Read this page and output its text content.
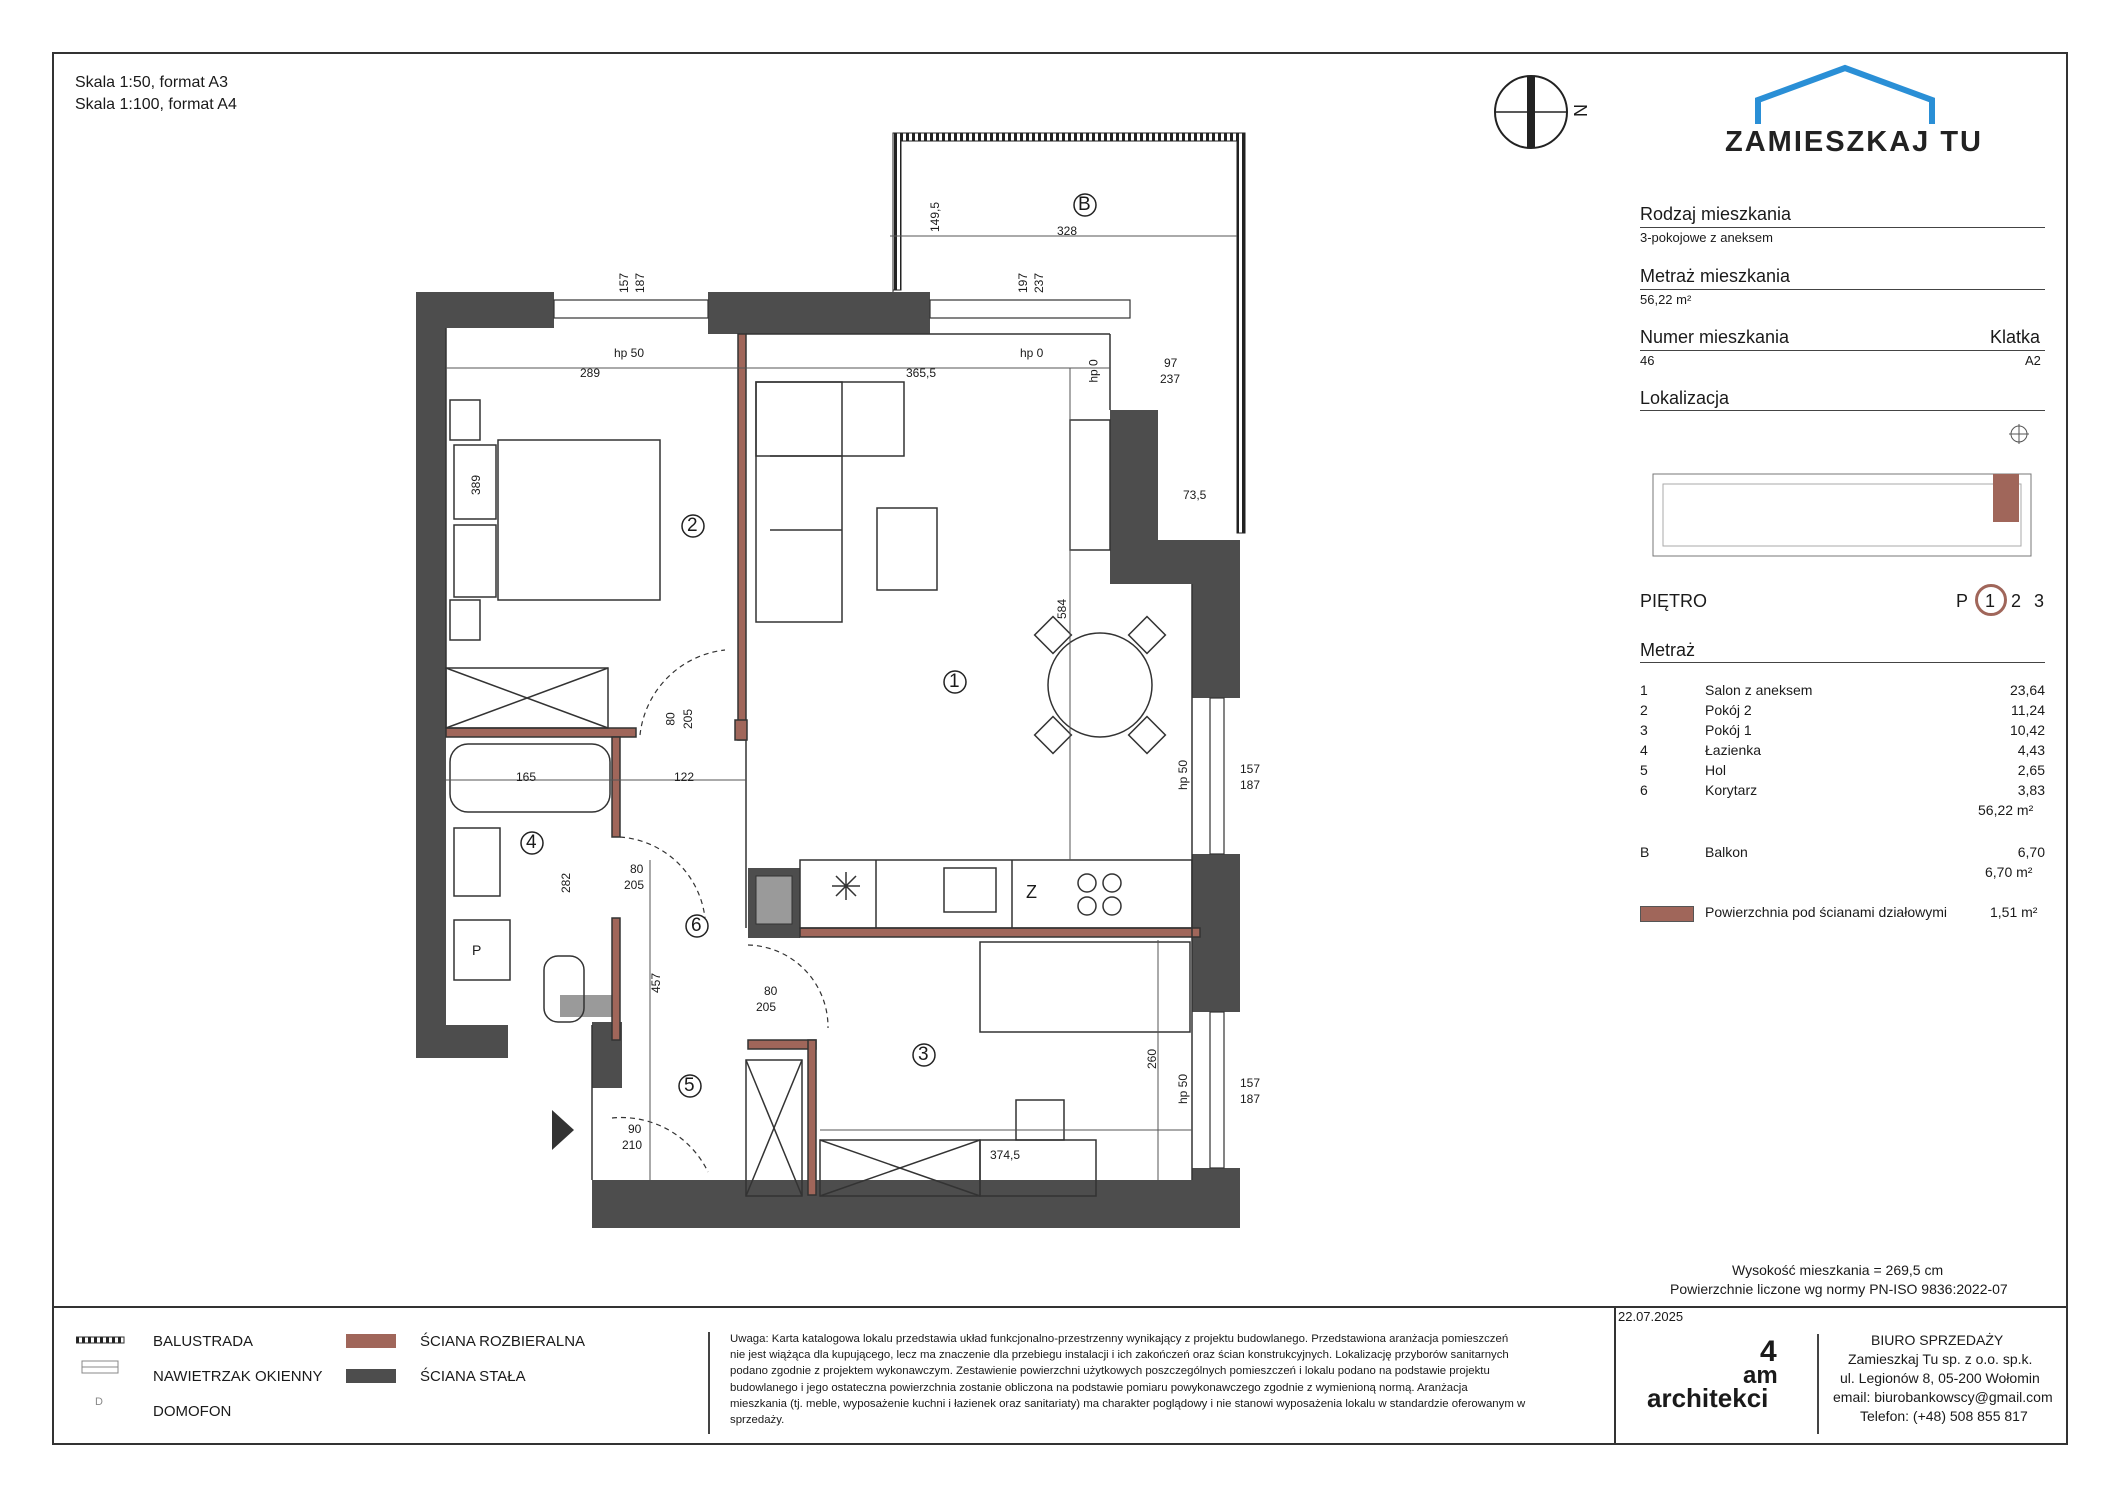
Skala 1:50, format A3
Skala 1:100, format A4
1
2
3
4
5
6
B
Z
P
N
289	365,5
389
149,5	328
157 187	197 237
hp 50	hp 0
hp 0	97
237
73,5
584
80 205
165	122
80
205
282
457	80
205
90
210
157
187
hp 50
157
187
hp 50
260
374,5
ZAMIESZKAJ TU
Rodzaj mieszkania
3-pokojowe z aneksem
Metraż mieszkania
56,22 m²
Numer mieszkania	Klatka
46	A2
Lokalizacja
PIĘTRO	P 1 2 3
Metraż
1	Salon z aneksem	23,64
2	Pokój 2	11,24
3	Pokój 1	10,42
4	Łazienka	4,43
5	Hol	2,65
6	Korytarz	3,83
56,22 m²
B	Balkon	6,70
6,70 m²
Powierzchnia pod ścianami działowymi	1,51 m²
Wysokość mieszkania = 269,5 cm
Powierzchnie liczone wg normy PN-ISO 9836:2022-07
22.07.2025
D
BALUSTRADA
NAWIETRZAK OKIENNY
DOMOFON
ŚCIANA ROZBIERALNA
ŚCIANA STAŁA
Uwaga: Karta katalogowa lokalu przedstawia układ funkcjonalno-przestrzenny wynikający z projektu budowlanego. Przedstawiona aranżacja pomieszczeń
nie jest wiążąca dla kupującego, lecz ma znaczenie dla przebiegu instalacji i ich zakończeń oraz ścian konstrukcyjnych. Lokalizację przyborów sanitarnych
podano zgodnie z projektem wykonawczym. Zestawienie powierzchni użytkowych poszczególnych pomieszczeń i lokalu podano na podstawie projektu
budowlanego i jego ostateczna powierzchnia zostanie obliczona na podstawie pomiaru powykonawczego zgodnie z wymienioną normą. Aranżacja
mieszkania (tj. meble, wyposażenie kuchni i łazienek oraz sanitariaty) ma charakter poglądowy i nie stanowi wyposażenia lokalu w standardzie oferowanym w
sprzedaży.
4
am
architekci
BIURO SPRZEDAŻY
Zamieszkaj Tu sp. z o.o. sp.k.
ul. Legionów 8, 05-200 Wołomin
email: biurobankowscy@gmail.com
Telefon: (+48) 508 855 817
